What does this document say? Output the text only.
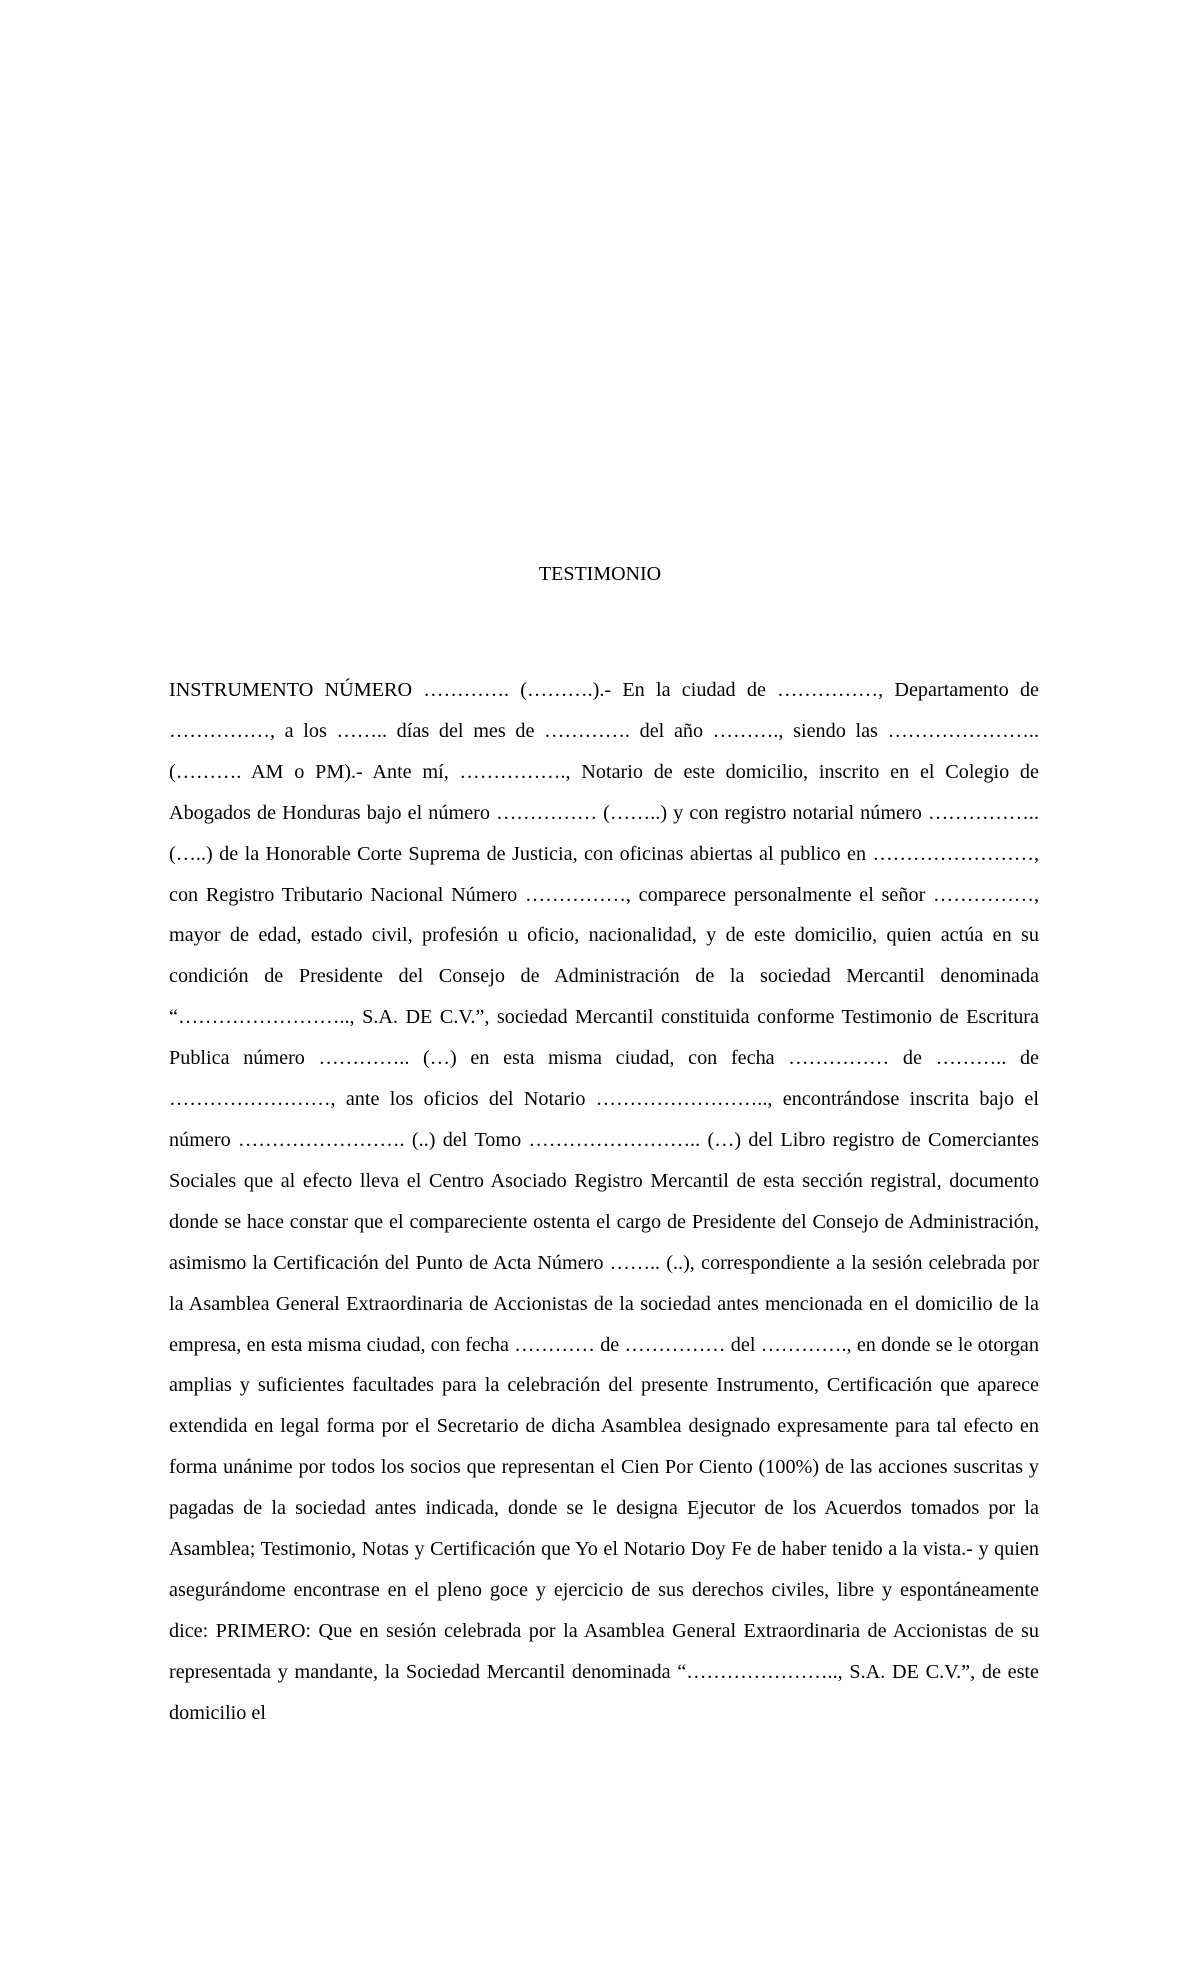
TESTIMONIO

INSTRUMENTO NÚMERO …………. (……….).- En la ciudad de ……………, Departamento de ……………, a los …….. días del mes de …………. del año ………., siendo las ………………….. (………. AM o PM).- Ante mí, ……………., Notario de este domicilio, inscrito en el Colegio de Abogados de Honduras bajo el número …………… (……..) y con registro notarial número …………….. (…..) de la Honorable Corte Suprema de Justicia, con oficinas abiertas al publico en ……………………, con Registro Tributario Nacional Número ……………, comparece personalmente el señor ……………, mayor de edad, estado civil, profesión u oficio, nacionalidad, y de este domicilio, quien actúa en su condición de Presidente del Consejo de Administración de la sociedad Mercantil denominada “…………………….., S.A. DE C.V.”, sociedad Mercantil constituida conforme Testimonio de Escritura Publica número ………….. (…) en esta misma ciudad, con fecha …………… de ……….. de ……………………, ante los oficios del Notario …………………….., encontrándose inscrita bajo el número ……………………. (..) del Tomo …………………….. (…) del Libro registro de Comerciantes Sociales que al efecto lleva el Centro Asociado Registro Mercantil de esta sección registral, documento donde se hace constar que el compareciente ostenta el cargo de Presidente del Consejo de Administración, asimismo la Certificación del Punto de Acta Número …….. (..), correspondiente a la sesión celebrada por la Asamblea General Extraordinaria de Accionistas de la sociedad antes mencionada en el domicilio de la empresa, en esta misma ciudad, con fecha ………… de …………… del …………., en donde se le otorgan amplias y suficientes facultades para la celebración del presente Instrumento, Certificación que aparece extendida en legal forma por el Secretario de dicha Asamblea designado expresamente para tal efecto en forma unánime por todos los socios que representan el Cien Por Ciento (100%) de las acciones suscritas y pagadas de la sociedad antes indicada, donde se le designa Ejecutor de los Acuerdos tomados por la Asamblea; Testimonio, Notas y Certificación que Yo el Notario Doy Fe de haber tenido a la vista.- y quien asegurándome encontrase en el pleno goce y ejercicio de sus derechos civiles, libre y espontáneamente dice: PRIMERO: Que en sesión celebrada por la Asamblea General Extraordinaria de Accionistas de su representada y mandante, la Sociedad Mercantil denominada “………………….., S.A. DE C.V.”, de este domicilio el
